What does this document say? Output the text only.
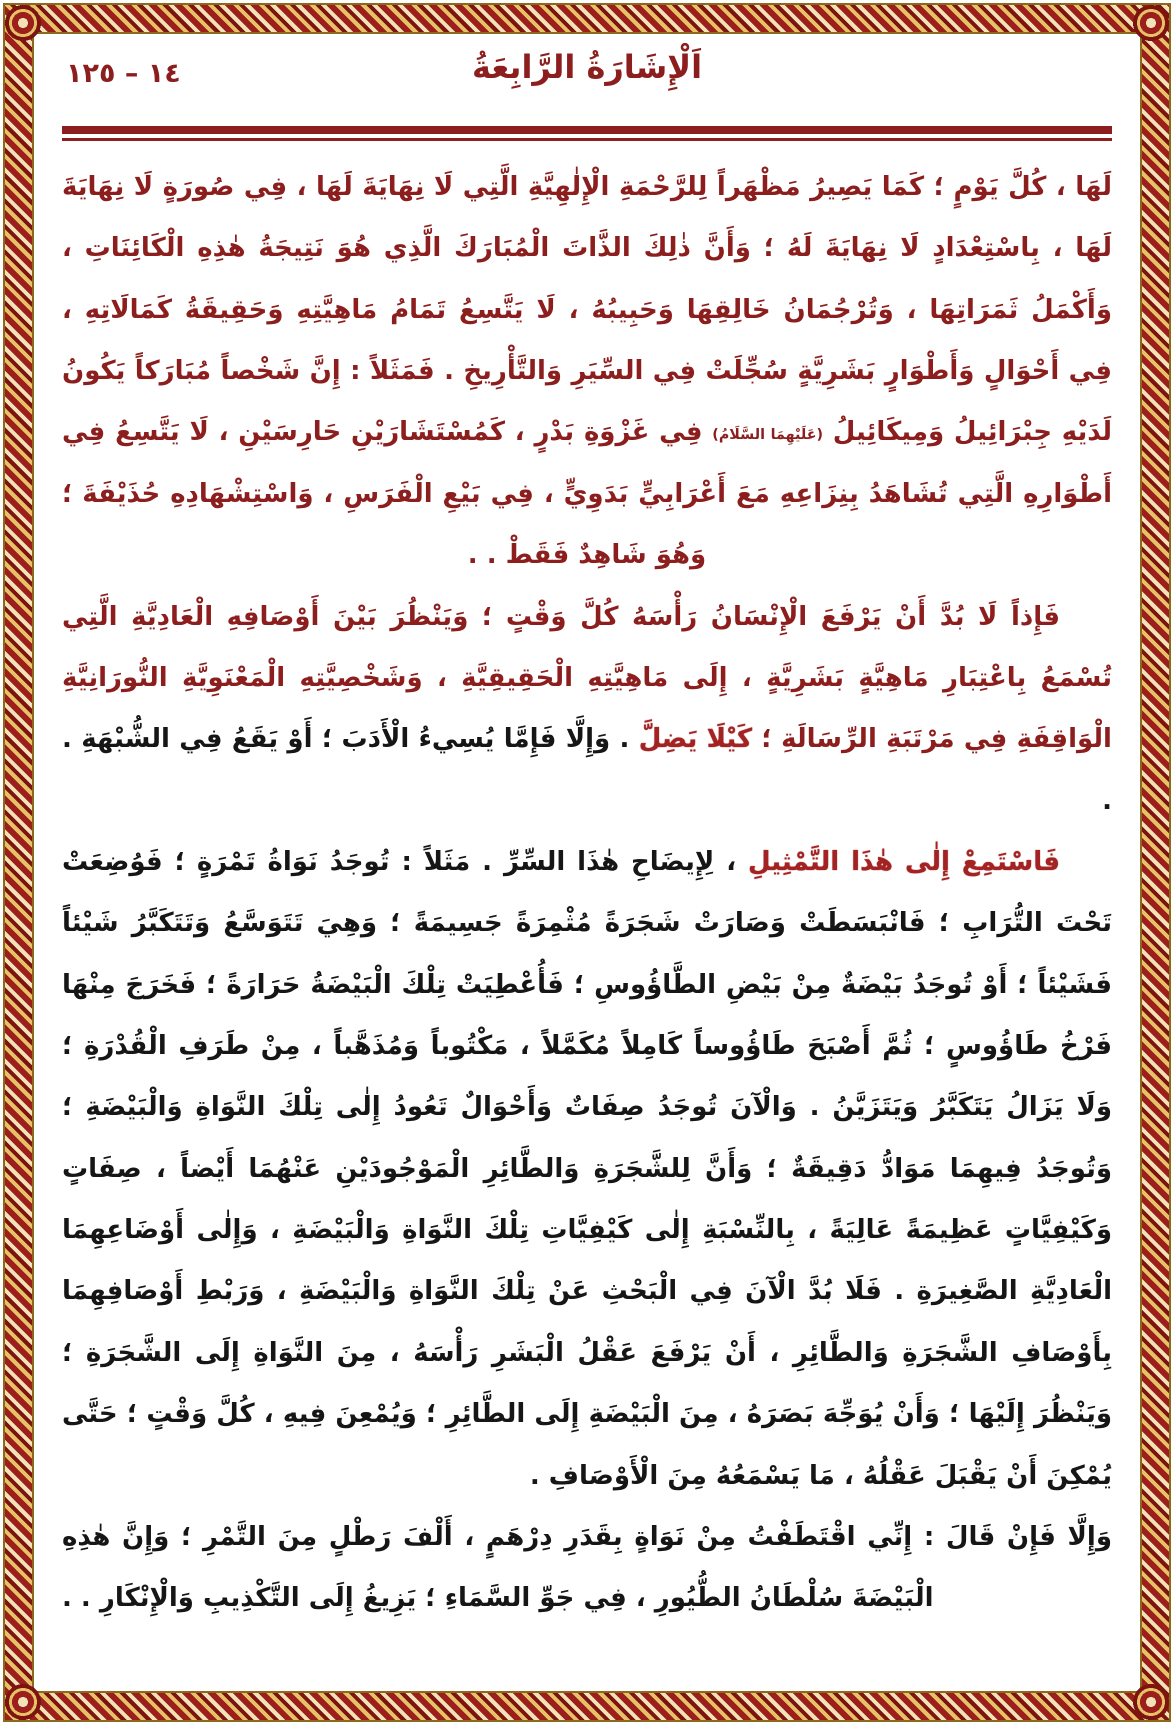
١٤ – ١٢٥	اَلْإِشَارَةُ الرَّابِعَةُ

لَهَا ، كُلَّ يَوْمٍ ؛ كَمَا يَصِيرُ مَظْهَراً لِلرَّحْمَةِ الْإِلٰهِيَّةِ الَّتِي لَا نِهَايَةَ لَهَا ، فِي صُورَةٍ لَا نِهَايَةَ لَهَا ، بِاسْتِعْدَادٍ لَا نِهَايَةَ لَهُ ؛ وَأَنَّ ذٰلِكَ الذَّاتَ الْمُبَارَكَ الَّذِي هُوَ نَتِيجَةُ هٰذِهِ الْكَائِنَاتِ ، وَأَكْمَلُ ثَمَرَاتِهَا ، وَتُرْجُمَانُ خَالِقِهَا وَحَبِيبُهُ ، لَا يَتَّسِعُ تَمَامُ مَاهِيَّتِهِ وَحَقِيقَةُ كَمَالَاتِهِ ، فِي أَحْوَالٍ وَأَطْوَارٍ بَشَرِيَّةٍ سُجِّلَتْ فِي السِّيَرِ وَالتَّأْرِيخِ . فَمَثَلاً : إِنَّ شَخْصاً مُبَارَكاً يَكُونُ لَدَيْهِ جِبْرَائِيلُ وَمِيكَائِيلُ (عَلَيْهِمَا السَّلَامُ) فِي غَزْوَةِ بَدْرٍ ، كَمُسْتَشَارَيْنِ حَارِسَيْنِ ، لَا يَتَّسِعُ فِي أَطْوَارِهِ الَّتِي تُشَاهَدُ بِنِزَاعِهِ مَعَ أَعْرَابِيٍّ بَدَوِيٍّ ، فِي بَيْعِ الْفَرَسِ ، وَاسْتِشْهَادِهِ حُذَيْفَةَ ؛ وَهُوَ شَاهِدٌ فَقَطْ . .

فَإِذاً لَا بُدَّ أَنْ يَرْفَعَ الْإِنْسَانُ رَأْسَهُ كُلَّ وَقْتٍ ؛ وَيَنْظُرَ بَيْنَ أَوْصَافِهِ الْعَادِيَّةِ الَّتِي تُسْمَعُ بِاعْتِبَارِ مَاهِيَّةٍ بَشَرِيَّةٍ ، إِلَى مَاهِيَّتِهِ الْحَقِيقِيَّةِ ، وَشَخْصِيَّتِهِ الْمَعْنَوِيَّةِ النُّورَانِيَّةِ الْوَاقِفَةِ فِي مَرْتَبَةِ الرِّسَالَةِ ؛ كَيْلَا يَضِلَّ . وَإِلَّا فَإِمَّا يُسِيءُ الْأَدَبَ ؛ أَوْ يَقَعُ فِي الشُّبْهَةِ . .

فَاسْتَمِعْ إِلٰى هٰذَا التَّمْثِيلِ ، لِإِيضَاحِ هٰذَا السِّرِّ . مَثَلاً : تُوجَدُ نَوَاةُ تَمْرَةٍ ؛ فَوُضِعَتْ تَحْتَ التُّرَابِ ؛ فَانْبَسَطَتْ وَصَارَتْ شَجَرَةً مُثْمِرَةً جَسِيمَةً ؛ وَهِيَ تَتَوَسَّعُ وَتَتَكَبَّرُ شَيْئاً فَشَيْئاً ؛ أَوْ تُوجَدُ بَيْضَةٌ مِنْ بَيْضِ الطَّاؤُوسِ ؛ فَأُعْطِيَتْ تِلْكَ الْبَيْضَةُ حَرَارَةً ؛ فَخَرَجَ مِنْهَا فَرْخُ طَاؤُوسٍ ؛ ثُمَّ أَصْبَحَ طَاؤُوساً كَامِلاً مُكَمَّلاً ، مَكْتُوباً وَمُذَهَّباً ، مِنْ طَرَفِ الْقُدْرَةِ ؛ وَلَا يَزَالُ يَتَكَبَّرُ وَيَتَزَيَّنُ . وَالْآنَ تُوجَدُ صِفَاتٌ وَأَحْوَالٌ تَعُودُ إِلٰى تِلْكَ النَّوَاةِ وَالْبَيْضَةِ ؛ وَتُوجَدُ فِيهِمَا مَوَادُّ دَقِيقَةٌ ؛ وَأَنَّ لِلشَّجَرَةِ وَالطَّائِرِ الْمَوْجُودَيْنِ عَنْهُمَا أَيْضاً ، صِفَاتٍ وَكَيْفِيَّاتٍ عَظِيمَةً عَالِيَةً ، بِالنِّسْبَةِ إِلٰى كَيْفِيَّاتِ تِلْكَ النَّوَاةِ وَالْبَيْضَةِ ، وَإِلٰى أَوْضَاعِهِمَا الْعَادِيَّةِ الصَّغِيرَةِ . فَلَا بُدَّ الْآنَ فِي الْبَحْثِ عَنْ تِلْكَ النَّوَاةِ وَالْبَيْضَةِ ، وَرَبْطِ أَوْصَافِهِمَا بِأَوْصَافِ الشَّجَرَةِ وَالطَّائِرِ ، أَنْ يَرْفَعَ عَقْلُ الْبَشَرِ رَأْسَهُ ، مِنَ النَّوَاةِ إِلَى الشَّجَرَةِ ؛ وَيَنْظُرَ إِلَيْهَا ؛ وَأَنْ يُوَجِّهَ بَصَرَهُ ، مِنَ الْبَيْضَةِ إِلَى الطَّائِرِ ؛ وَيُمْعِنَ فِيهِ ، كُلَّ وَقْتٍ ؛ حَتَّى يُمْكِنَ أَنْ يَقْبَلَ عَقْلُهُ ، مَا يَسْمَعُهُ مِنَ الْأَوْصَافِ .

وَإِلَّا فَإِنْ قَالَ : إِنِّي اقْتَطَفْتُ مِنْ نَوَاةٍ بِقَدَرِ دِرْهَمٍ ، أَلْفَ رَطْلٍ مِنَ التَّمْرِ ؛ وَإِنَّ هٰذِهِ الْبَيْضَةَ سُلْطَانُ الطُّيُورِ ، فِي جَوِّ السَّمَاءِ ؛ يَزِيغُ إِلَى التَّكْذِيبِ وَالْإِنْكَارِ . .
